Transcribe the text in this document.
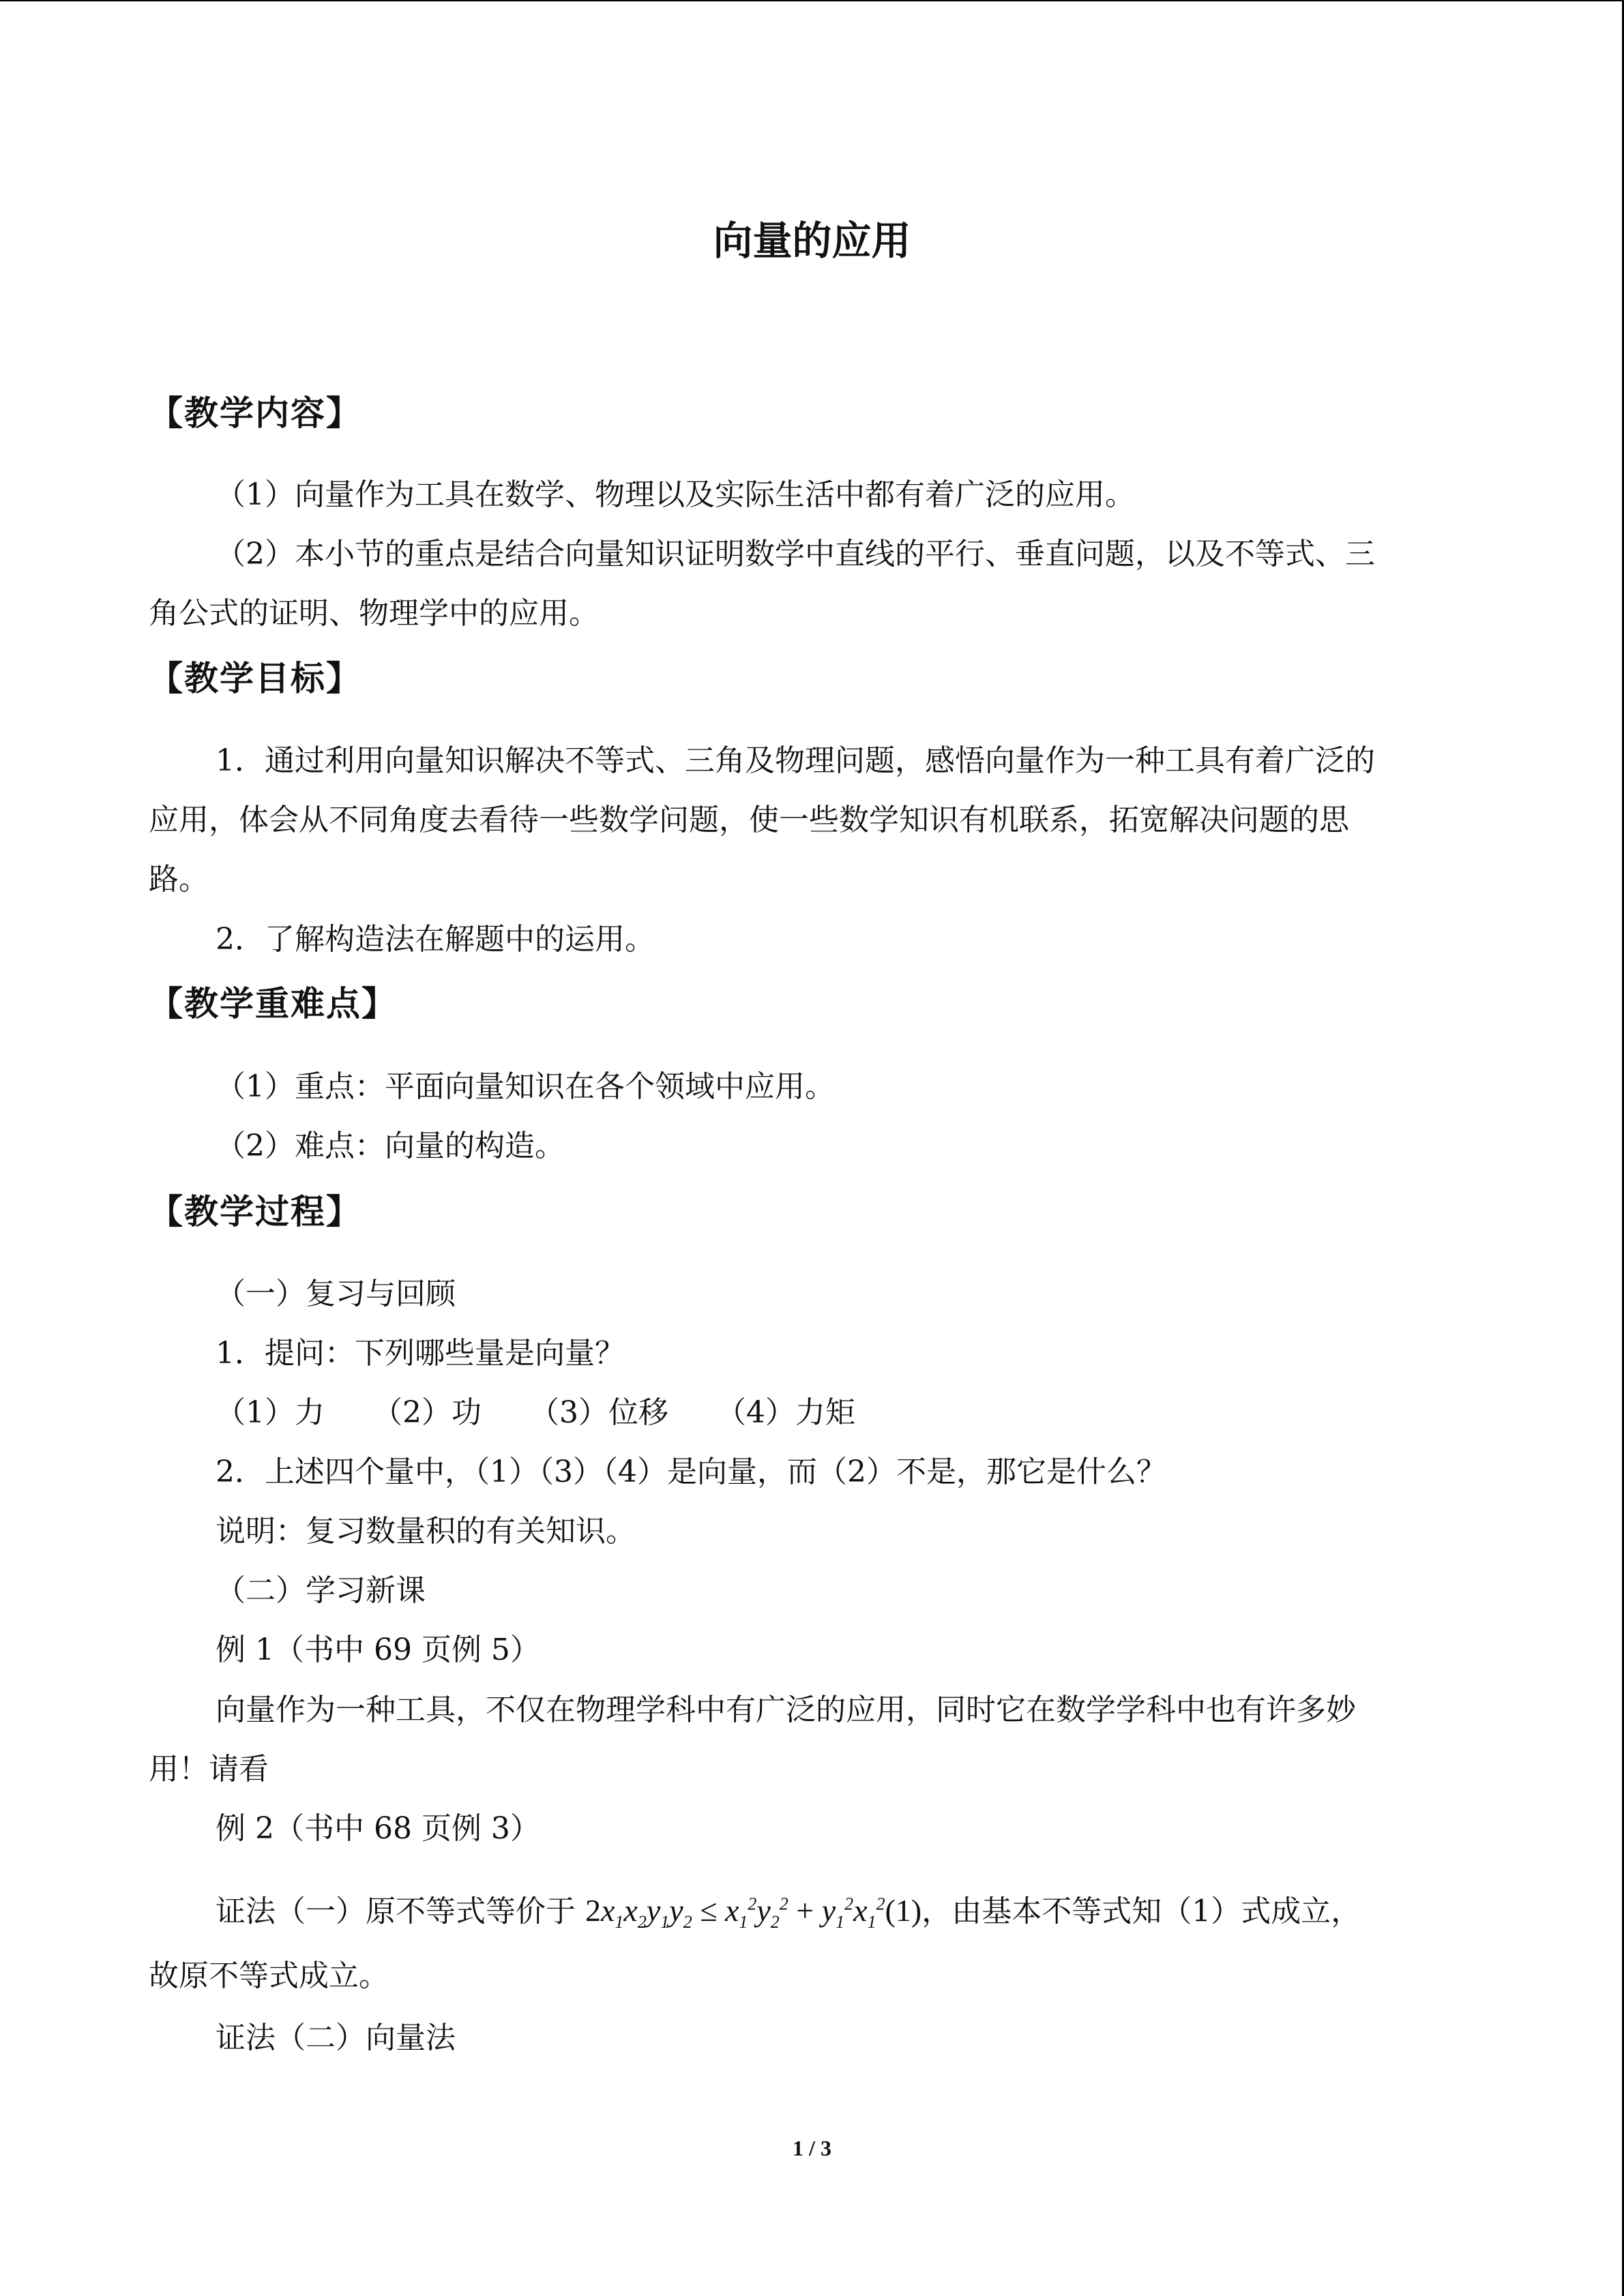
向量的应用
【教学内容】
（1）向量作为工具在数学、物理以及实际生活中都有着广泛的应用。
（2）本小节的重点是结合向量知识证明数学中直线的平行、垂直问题，以及不等式、三
角公式的证明、物理学中的应用。
【教学目标】
1．通过利用向量知识解决不等式、三角及物理问题，感悟向量作为一种工具有着广泛的
应用，体会从不同角度去看待一些数学问题，使一些数学知识有机联系，拓宽解决问题的思
路。
2．了解构造法在解题中的运用。
【教学重难点】
（1）重点：平面向量知识在各个领域中应用。
（2）难点：向量的构造。
【教学过程】
（一）复习与回顾
1．提问：下列哪些量是向量？
（1）力 （2）功 （3）位移 （4）力矩
2．上述四个量中，（1）（3）（4）是向量，而（2）不是，那它是什么？
说明：复习数量积的有关知识。
（二）学习新课
例 1（书中 69 页例 5）
向量作为一种工具，不仅在物理学科中有广泛的应用，同时它在数学学科中也有许多妙
用！请看
例 2（书中 68 页例 3）
证法（一）原不等式等价于 $2x_1x_2y_1y_2 \le x_1^2y_2^2 + y_1^2x_1^2(1)$，由基本不等式知（1）式成立，
故原不等式成立。
证法（二）向量法
1 / 3
